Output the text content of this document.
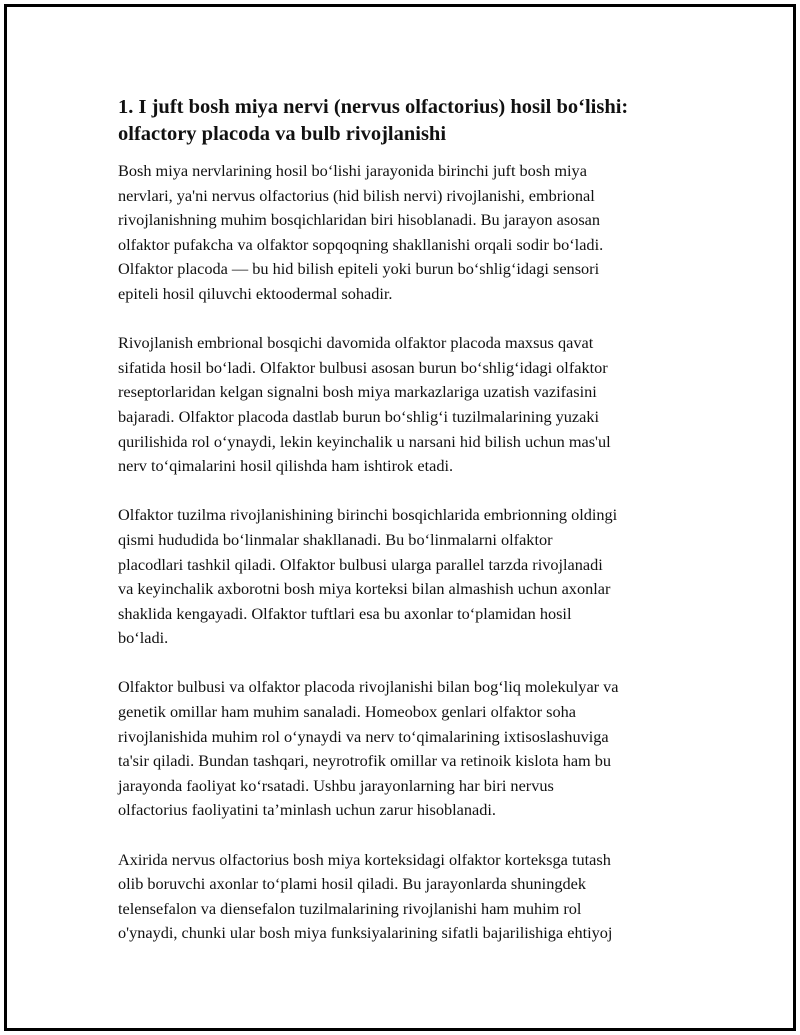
1. I juft bosh miya nervi (nervus olfactorius) hosil bo‘lishi:
olfactory placoda va bulb rivojlanishi

Bosh miya nervlarining hosil bo‘lishi jarayonida birinchi juft bosh miya
nervlari, ya'ni nervus olfactorius (hid bilish nervi) rivojlanishi, embrional
rivojlanishning muhim bosqichlaridan biri hisoblanadi. Bu jarayon asosan
olfaktor pufakcha va olfaktor sopqoqning shakllanishi orqali sodir bo‘ladi.
Olfaktor placoda — bu hid bilish epiteli yoki burun bo‘shlig‘idagi sensori
epiteli hosil qiluvchi ektoodermal sohadir.

Rivojlanish embrional bosqichi davomida olfaktor placoda maxsus qavat
sifatida hosil bo‘ladi. Olfaktor bulbusi asosan burun bo‘shlig‘idagi olfaktor
reseptorlaridan kelgan signalni bosh miya markazlariga uzatish vazifasini
bajaradi. Olfaktor placoda dastlab burun bo‘shlig‘i tuzilmalarining yuzaki
qurilishida rol o‘ynaydi, lekin keyinchalik u narsani hid bilish uchun mas'ul
nerv to‘qimalarini hosil qilishda ham ishtirok etadi.

Olfaktor tuzilma rivojlanishining birinchi bosqichlarida embrionning oldingi
qismi hududida bo‘linmalar shakllanadi. Bu bo‘linmalarni olfaktor
placodlari tashkil qiladi. Olfaktor bulbusi ularga parallel tarzda rivojlanadi
va keyinchalik axborotni bosh miya korteksi bilan almashish uchun axonlar
shaklida kengayadi. Olfaktor tuftlari esa bu axonlar to‘plamidan hosil
bo‘ladi.

Olfaktor bulbusi va olfaktor placoda rivojlanishi bilan bog‘liq molekulyar va
genetik omillar ham muhim sanaladi. Homeobox genlari olfaktor soha
rivojlanishida muhim rol o‘ynaydi va nerv to‘qimalarining ixtisoslashuviga
ta'sir qiladi. Bundan tashqari, neyrotrofik omillar va retinoik kislota ham bu
jarayonda faoliyat ko‘rsatadi. Ushbu jarayonlarning har biri nervus
olfactorius faoliyatini ta’minlash uchun zarur hisoblanadi.

Axirida nervus olfactorius bosh miya korteksidagi olfaktor korteksga tutash
olib boruvchi axonlar to‘plami hosil qiladi. Bu jarayonlarda shuningdek
telensefalon va diensefalon tuzilmalarining rivojlanishi ham muhim rol
o'ynaydi, chunki ular bosh miya funksiyalarining sifatli bajarilishiga ehtiyoj
